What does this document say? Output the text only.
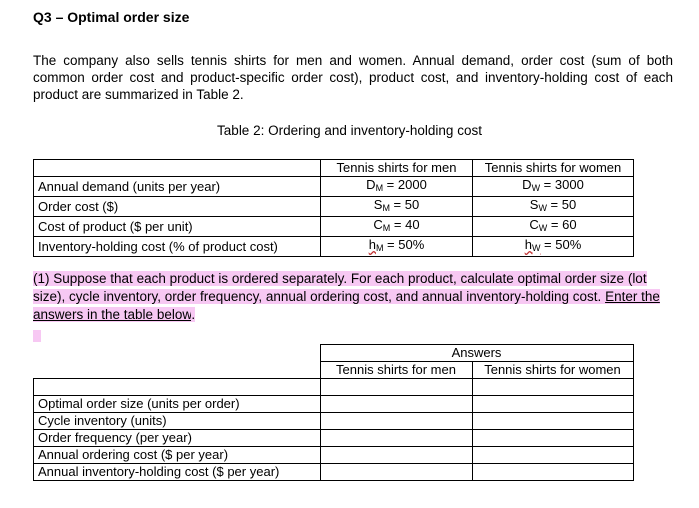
Q3 – Optimal order size
The company also sells tennis shirts for men and women. Annual demand, order cost (sum of both common order cost and product-specific order cost), product cost, and inventory-holding cost of each product are summarized in Table 2.
Table 2: Ordering and inventory-holding cost
	Tennis shirts for men	Tennis shirts for women
Annual demand (units per year)	$D_M = 2000$	$D_W = 3000$
Order cost ($)	$S_M = 50$	$S_W = 50$
Cost of product ($ per unit)	$C_M = 40$	$C_W = 60$
Inventory-holding cost (% of product cost)	$h_M = 50\%$	$h_W = 50\%$
(1) Suppose that each product is ordered separately. For each product, calculate optimal order size (lot size), cycle inventory, order frequency, annual ordering cost, and annual inventory-holding cost. Enter the answers in the table below.
	Answers	
	Tennis shirts for men	Tennis shirts for women

Optimal order size (units per order)		
Cycle inventory (units)		
Order frequency (per year)		
Annual ordering cost ($ per year)		
Annual inventory-holding cost ($ per year)		
